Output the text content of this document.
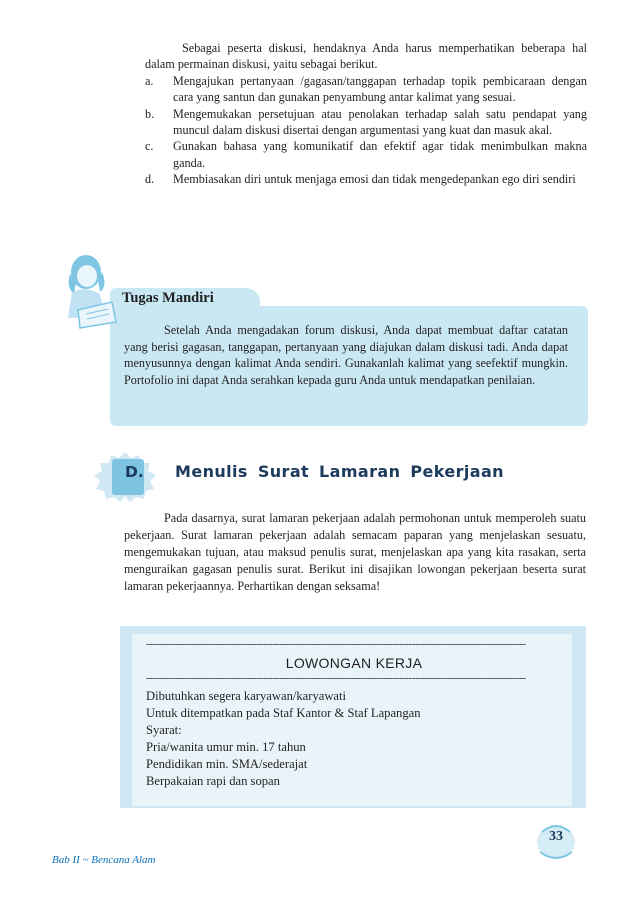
Sebagai peserta diskusi, hendaknya Anda harus memperhatikan beberapa hal dalam permainan diskusi, yaitu sebagai berikut.

a. Mengajukan pertanyaan /gagasan/tanggapan terhadap topik pembicaraan dengan cara yang santun dan gunakan penyambung antar kalimat yang sesuai.
b. Mengemukakan persetujuan atau penolakan terhadap salah satu pendapat yang muncul dalam diskusi disertai dengan argumentasi yang kuat dan masuk akal.
c. Gunakan bahasa yang komunikatif dan efektif agar tidak menimbulkan makna ganda.
d. Membiasakan diri untuk menjaga emosi dan tidak mengedepankan ego diri sendiri
Tugas Mandiri

Setelah Anda mengadakan forum diskusi, Anda dapat membuat daftar catatan yang berisi gagasan, tanggapan, pertanyaan yang diajukan dalam diskusi tadi. Anda dapat menyusunnya dengan kalimat Anda sendiri. Gunakanlah kalimat yang seefektif mungkin. Portofolio ini dapat Anda serahkan kepada guru Anda untuk mendapatkan penilaian.

D. Menulis Surat Lamaran Pekerjaan

Pada dasarnya, surat lamaran pekerjaan adalah permohonan untuk memperoleh suatu pekerjaan. Surat lamaran pekerjaan adalah semacam paparan yang menjelaskan sesuatu, mengemukakan tujuan, atau maksud penulis surat, menjelaskan apa yang kita rasakan, serta menguraikan gagasan penulis surat. Berikut ini disajikan lowongan pekerjaan beserta surat lamaran pekerjaannya. Perhartikan dengan seksama!

------------------------------------------------------------------------------------------------------------------------
LOWONGAN KERJA
------------------------------------------------------------------------------------------------------------------------
Dibutuhkan segera karyawan/karyawati
Untuk ditempatkan pada Staf Kantor & Staf Lapangan
Syarat:
Pria/wanita umur min. 17 tahun
Pendidikan min. SMA/sederajat
Berpakaian rapi dan sopan
Bab II ~ Bencana Alam
33
